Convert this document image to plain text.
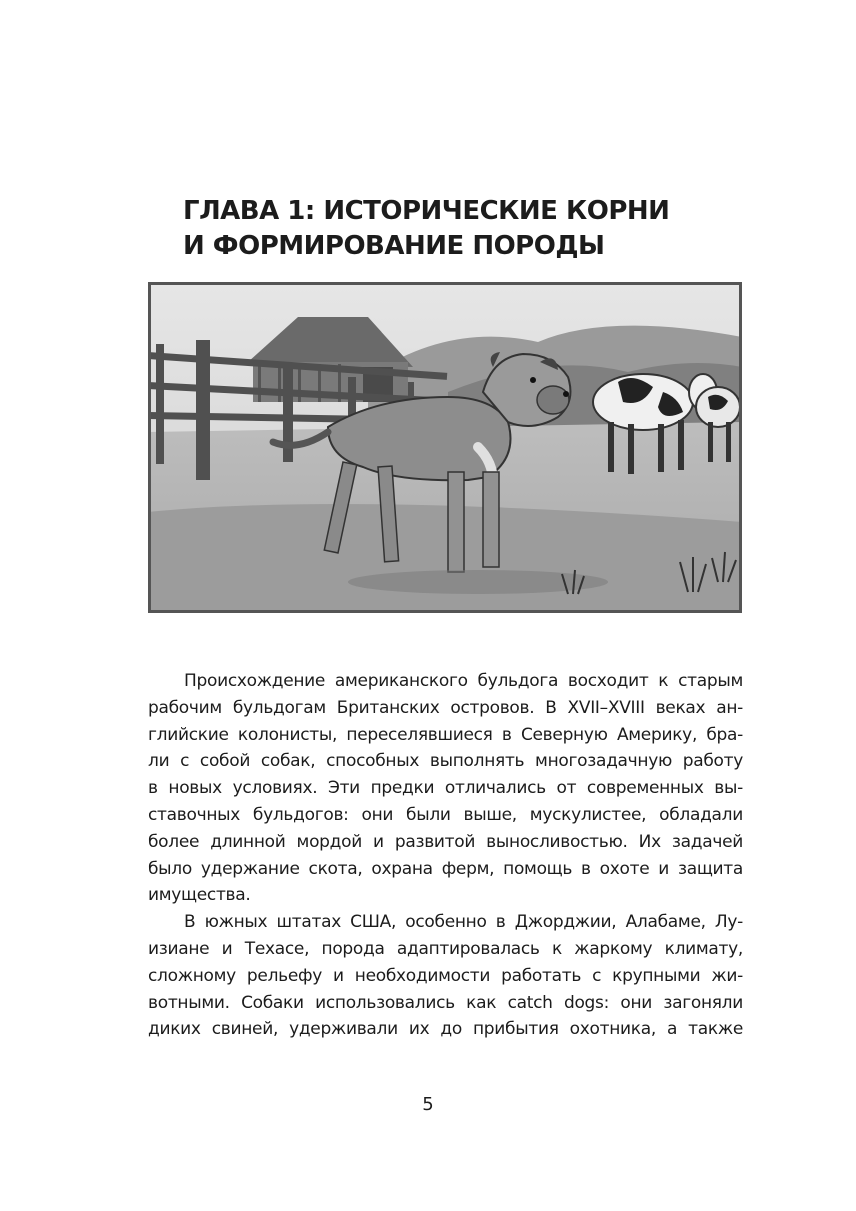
ГЛАВА 1: ИСТОРИЧЕСКИЕ КОРНИ
И ФОРМИРОВАНИЕ ПОРОДЫ
Происхождение американского бульдога восходит к старым
рабочим бульдогам Британских островов. В XVII–XVIII веках ан-
глийские колонисты, переселявшиеся в Северную Америку, бра-
ли с собой собак, способных выполнять многозадачную работу
в новых условиях. Эти предки отличались от современных вы-
ставочных бульдогов: они были выше, мускулистее, обладали
более длинной мордой и развитой выносливостью. Их задачей
было удержание скота, охрана ферм, помощь в охоте и защита
имущества.
В южных штатах США, особенно в Джорджии, Алабаме, Лу-
изиане и Техасе, порода адаптировалась к жаркому климату,
сложному рельефу и необходимости работать с крупными жи-
вотными. Собаки использовались как catch dogs: они загоняли
диких свиней, удерживали их до прибытия охотника, а также
5
